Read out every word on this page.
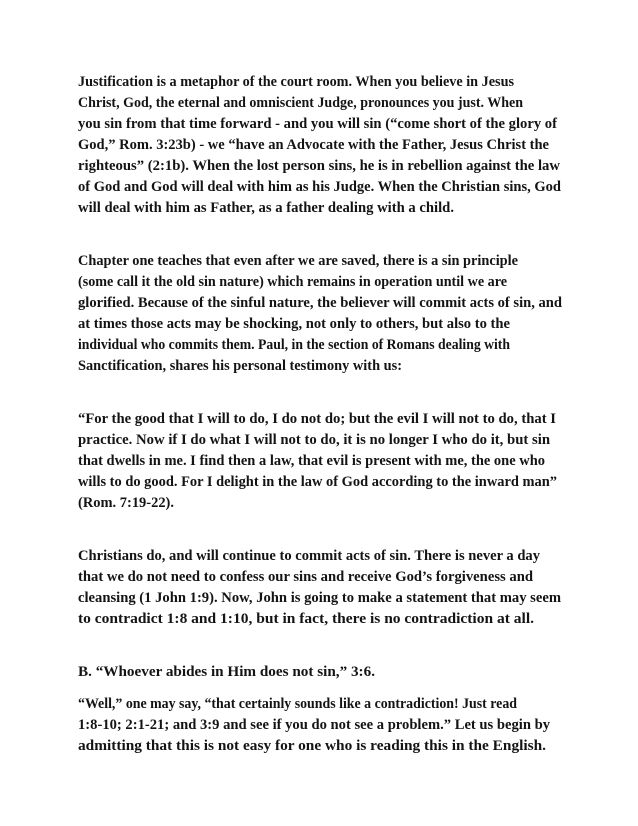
Justification is a metaphor of the court room. When you believe in Jesus
Christ, God, the eternal and omniscient Judge, pronounces you just. When
you sin from that time forward - and you will sin (“come short of the glory of
God,” Rom. 3:23b) - we “have an Advocate with the Father, Jesus Christ the
righteous” (2:1b). When the lost person sins, he is in rebellion against the law
of God and God will deal with him as his Judge. When the Christian sins, God
will deal with him as Father, as a father dealing with a child.
Chapter one teaches that even after we are saved, there is a sin principle
(some call it the old sin nature) which remains in operation until we are
glorified. Because of the sinful nature, the believer will commit acts of sin, and
at times those acts may be shocking, not only to others, but also to the
individual who commits them. Paul, in the section of Romans dealing with
Sanctification, shares his personal testimony with us:
“For the good that I will to do, I do not do; but the evil I will not to do, that I
practice. Now if I do what I will not to do, it is no longer I who do it, but sin
that dwells in me. I find then a law, that evil is present with me, the one who
wills to do good. For I delight in the law of God according to the inward man”
(Rom. 7:19-22).
Christians do, and will continue to commit acts of sin. There is never a day
that we do not need to confess our sins and receive God’s forgiveness and
cleansing (1 John 1:9). Now, John is going to make a statement that may seem
to contradict 1:8 and 1:10, but in fact, there is no contradiction at all.
B. “Whoever abides in Him does not sin,” 3:6.
“Well,” one may say, “that certainly sounds like a contradiction! Just read
1:8-10; 2:1-21; and 3:9 and see if you do not see a problem.” Let us begin by
admitting that this is not easy for one who is reading this in the English.
